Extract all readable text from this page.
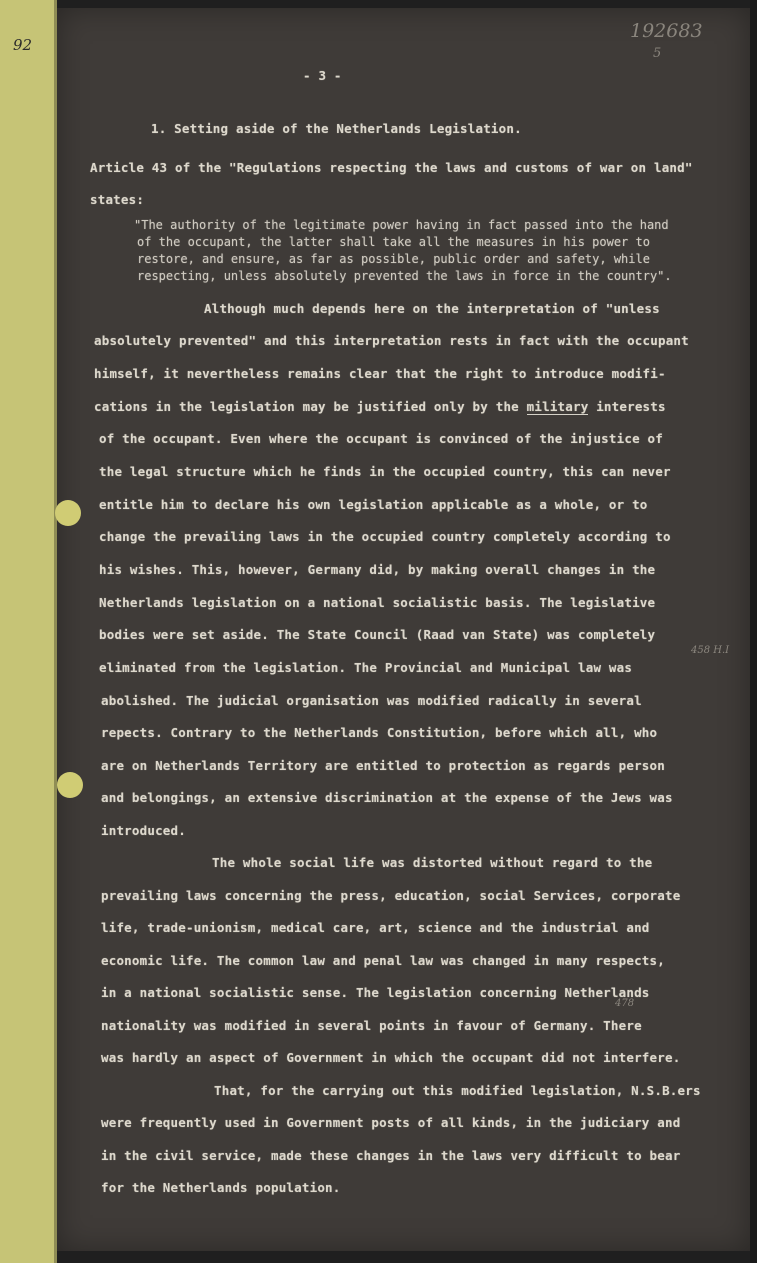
92
192683
5
458 H.I
478
- 3 -
1. Setting aside of the Netherlands Legislation.
Article 43 of the "Regulations respecting the laws and customs of war on land"
states:
"The authority of the legitimate power having in fact passed into the hand
of the occupant, the latter shall take all the measures in his power to
restore, and ensure, as far as possible, public order and safety, while
respecting, unless absolutely prevented the laws in force in the country".
Although much depends here on the interpretation of "unless
absolutely prevented" and this interpretation rests in fact with the occupant
himself, it nevertheless remains clear that the right to introduce modifi-
cations in the legislation may be justified only by the military interests
of the occupant. Even where the occupant is convinced of the injustice of
the legal structure which he finds in the occupied country, this can never
entitle him to declare his own legislation applicable as a whole, or to
change the prevailing laws in the occupied country completely according to
his wishes. This, however, Germany did, by making overall changes in the
Netherlands legislation on a national socialistic basis. The legislative
bodies were set aside. The State Council (Raad van State) was completely
eliminated from the legislation. The Provincial and Municipal law was
abolished. The judicial organisation was modified radically in several
repects. Contrary to the Netherlands Constitution, before which all, who
are on Netherlands Territory are entitled to protection as regards person
and belongings, an extensive discrimination at the expense of the Jews was
introduced.
The whole social life was distorted without regard to the
prevailing laws concerning the press, education, social Services, corporate
life, trade-unionism, medical care, art, science and the industrial and
economic life. The common law and penal law was changed in many respects,
in a national socialistic sense. The legislation concerning Netherlands
nationality was modified in several points in favour of Germany. There
was hardly an aspect of Government in which the occupant did not interfere.
That, for the carrying out this modified legislation, N.S.B.ers
were frequently used in Government posts of all kinds, in the judiciary and
in the civil service, made these changes in the laws very difficult to bear
for the Netherlands population.
